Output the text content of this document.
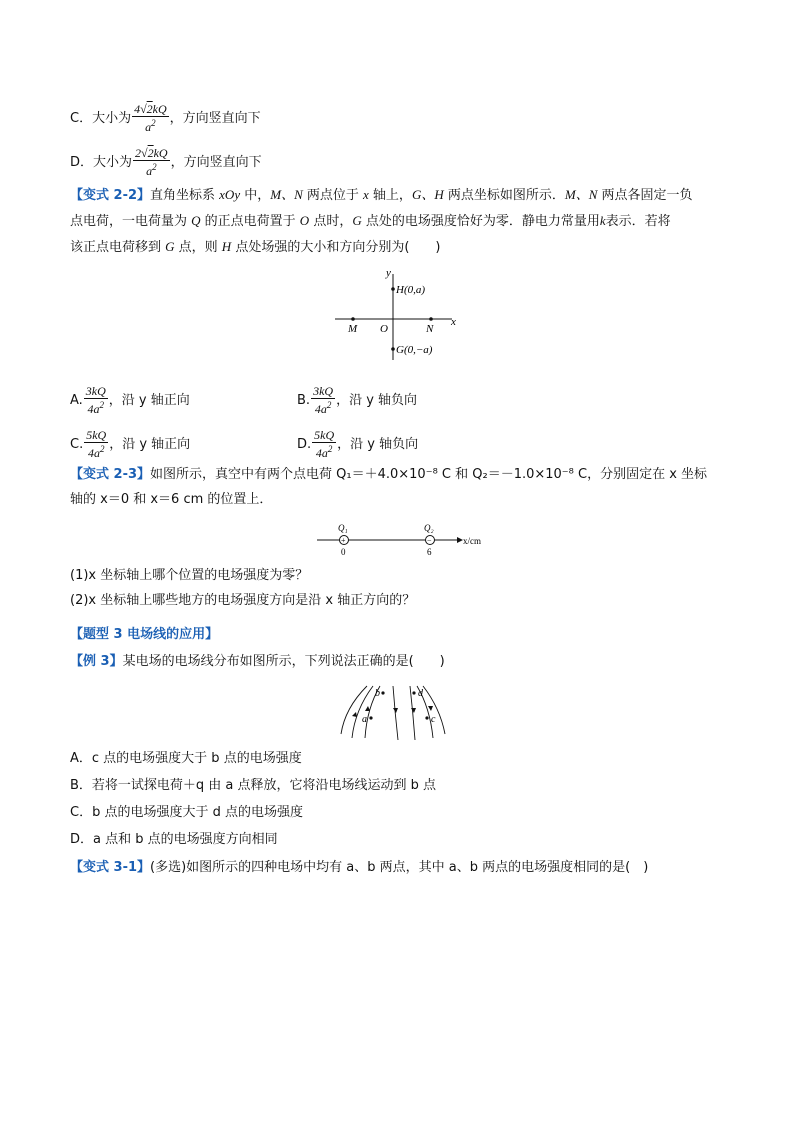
C．大小为 $\frac{4√2kQ}{a^2}$ ，方向竖直向下
D．大小为 $\frac{2√2kQ}{a^2}$ ，方向竖直向下
【变式 2-2】直角坐标系 xOy 中，M、N 两点位于 x 轴上，G、H 两点坐标如图所示．M、N 两点各固定一负
点电荷，一电荷量为 Q 的正点电荷置于 O 点时，G 点处的电场强度恰好为零．静电力常量用k表示．若将
该正点电荷移到 G 点，则 H 点处场强的大小和方向分别为(　　)
y
H(0,a)
M O	N
x
G(0,−a)
A. $\frac{3kQ}{4a^2}$ ，沿 y 轴正向	B. $\frac{3kQ}{4a^2}$ ，沿 y 轴负向
C. $\frac{5kQ}{4a^2}$ ，沿 y 轴正向	D. $\frac{5kQ}{4a^2}$ ，沿 y 轴负向
【变式 2-3】如图所示，真空中有两个点电荷 Q₁＝＋4.0×10⁻⁸ C 和 Q₂＝－1.0×10⁻⁸ C，分别固定在 x 坐标
轴的 x＝0 和 x＝6 cm 的位置上．
+	−
Q₁	Q₂
0	6
x/cm
(1)x 坐标轴上哪个位置的电场强度为零？
(2)x 坐标轴上哪些地方的电场强度方向是沿 x 轴正方向的？
【题型 3 电场线的应用】
【例 3】某电场的电场线分布如图所示，下列说法正确的是(　　)
a
b
c
d
A．c 点的电场强度大于 b 点的电场强度
B．若将一试探电荷＋q 由 a 点释放，它将沿电场线运动到 b 点
C．b 点的电场强度大于 d 点的电场强度
D．a 点和 b 点的电场强度方向相同
【变式 3-1】(多选)如图所示的四种电场中均有 a、b 两点，其中 a、b 两点的电场强度相同的是(　)
